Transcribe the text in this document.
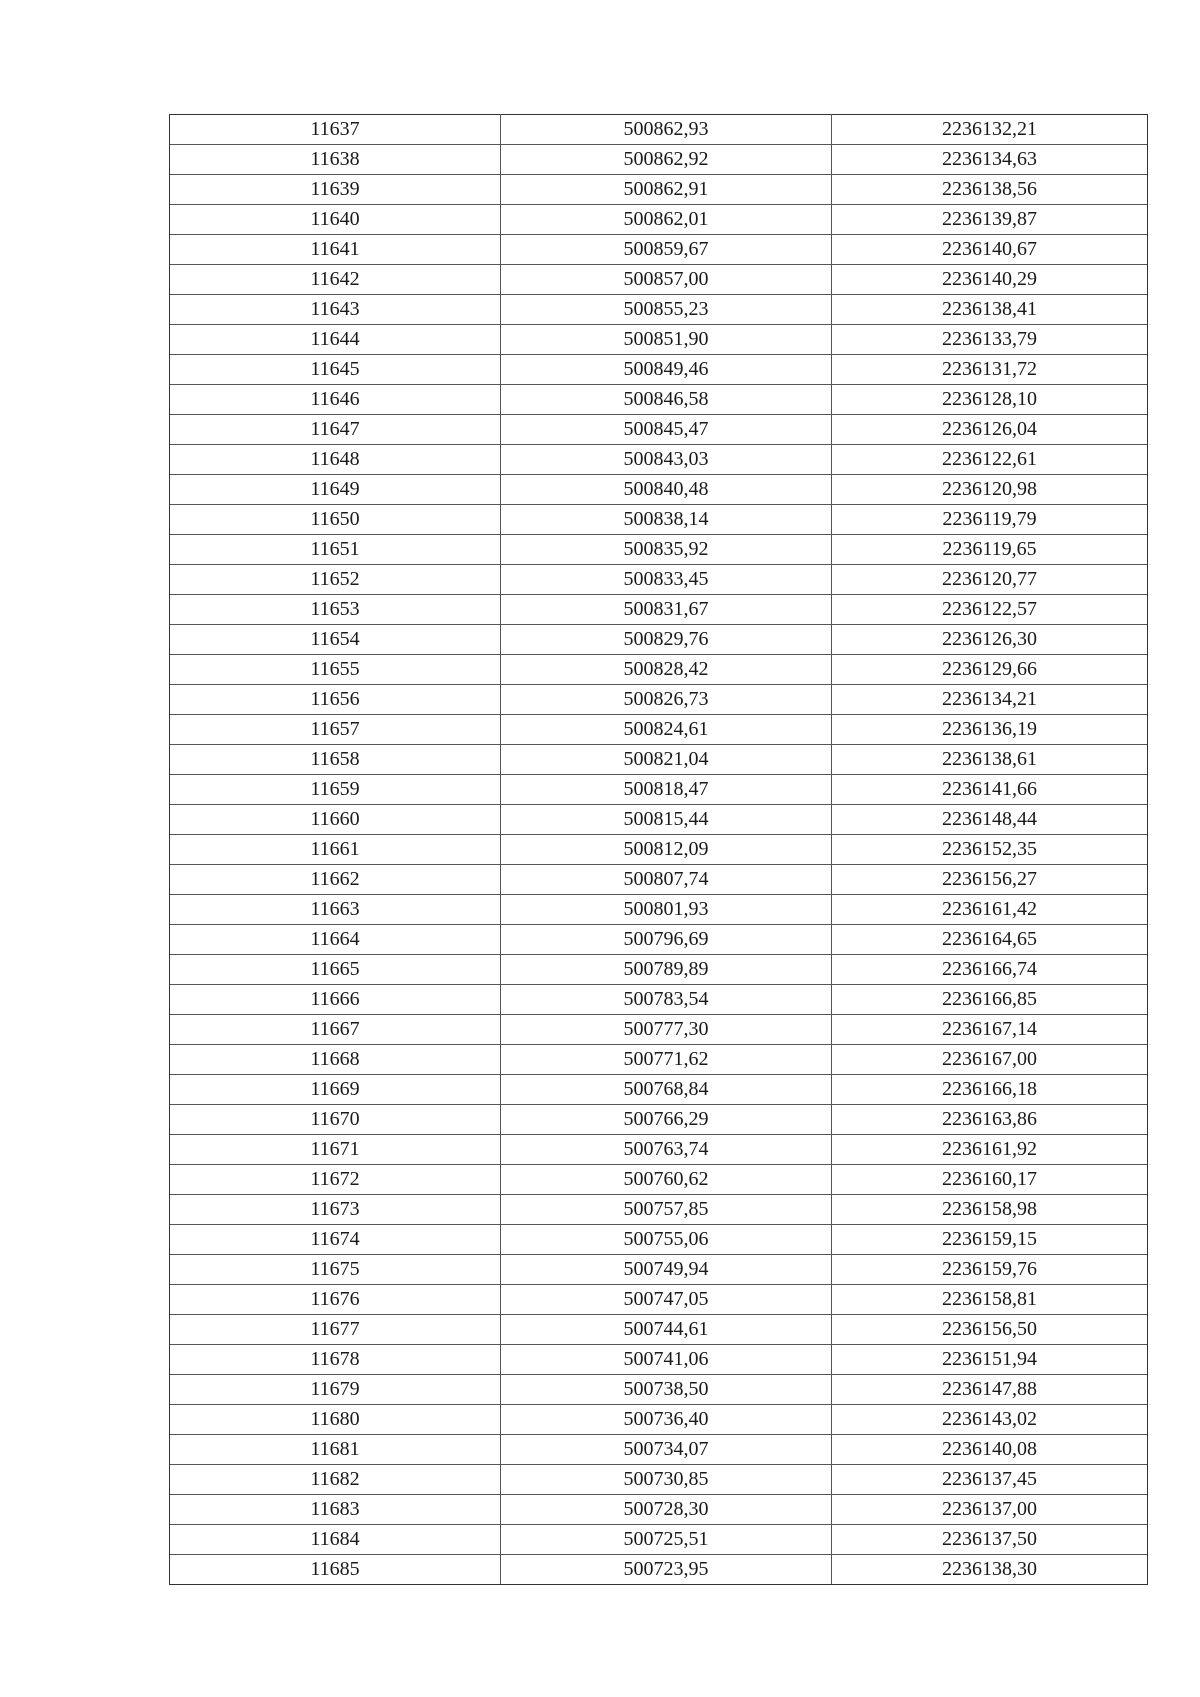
11637	500862,93	2236132,21
11638	500862,92	2236134,63
11639	500862,91	2236138,56
11640	500862,01	2236139,87
11641	500859,67	2236140,67
11642	500857,00	2236140,29
11643	500855,23	2236138,41
11644	500851,90	2236133,79
11645	500849,46	2236131,72
11646	500846,58	2236128,10
11647	500845,47	2236126,04
11648	500843,03	2236122,61
11649	500840,48	2236120,98
11650	500838,14	2236119,79
11651	500835,92	2236119,65
11652	500833,45	2236120,77
11653	500831,67	2236122,57
11654	500829,76	2236126,30
11655	500828,42	2236129,66
11656	500826,73	2236134,21
11657	500824,61	2236136,19
11658	500821,04	2236138,61
11659	500818,47	2236141,66
11660	500815,44	2236148,44
11661	500812,09	2236152,35
11662	500807,74	2236156,27
11663	500801,93	2236161,42
11664	500796,69	2236164,65
11665	500789,89	2236166,74
11666	500783,54	2236166,85
11667	500777,30	2236167,14
11668	500771,62	2236167,00
11669	500768,84	2236166,18
11670	500766,29	2236163,86
11671	500763,74	2236161,92
11672	500760,62	2236160,17
11673	500757,85	2236158,98
11674	500755,06	2236159,15
11675	500749,94	2236159,76
11676	500747,05	2236158,81
11677	500744,61	2236156,50
11678	500741,06	2236151,94
11679	500738,50	2236147,88
11680	500736,40	2236143,02
11681	500734,07	2236140,08
11682	500730,85	2236137,45
11683	500728,30	2236137,00
11684	500725,51	2236137,50
11685	500723,95	2236138,30
